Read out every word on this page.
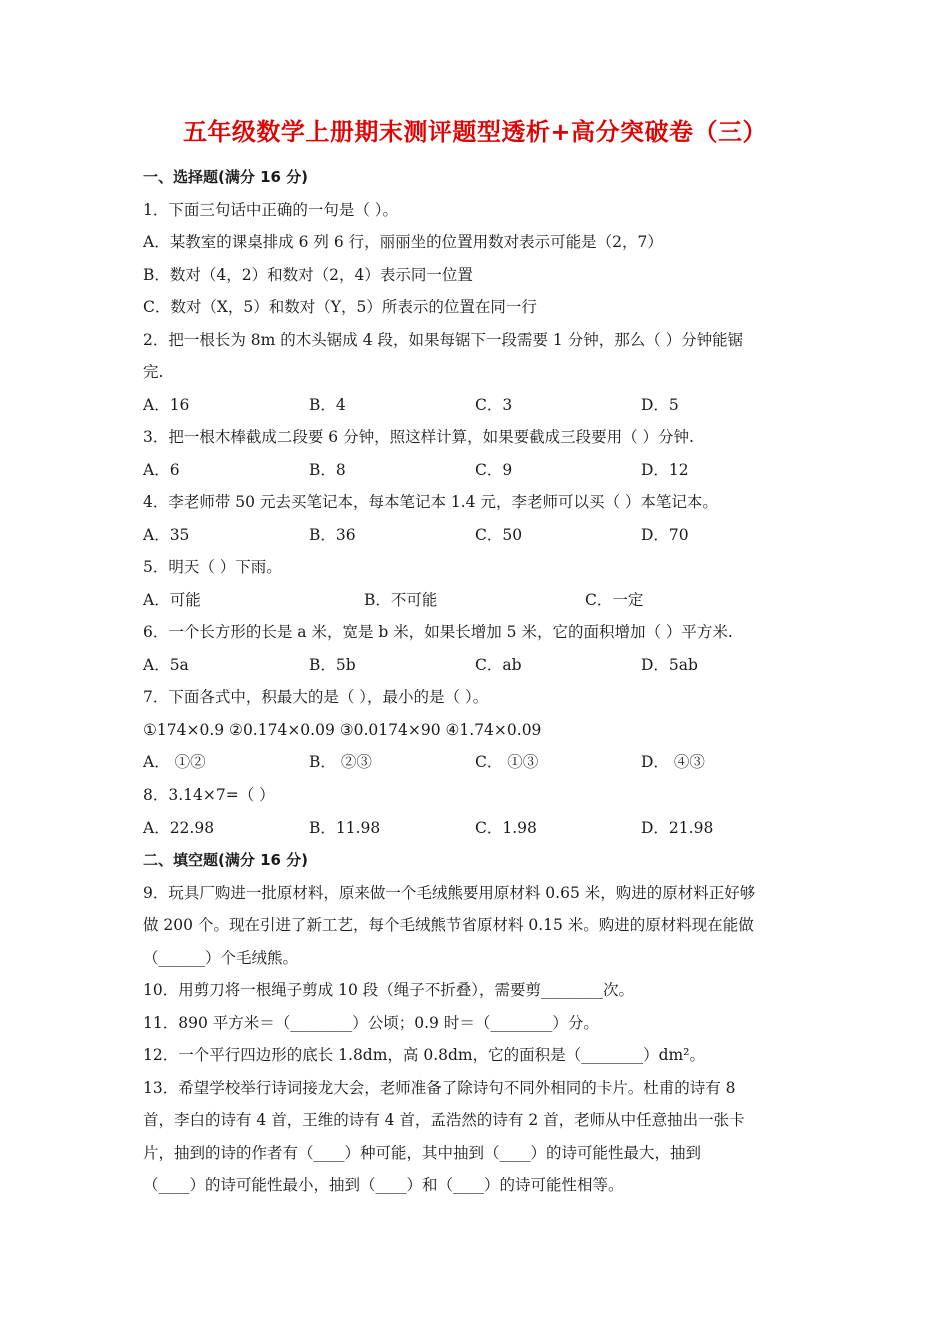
五年级数学上册期末测评题型透析+高分突破卷（三）
一、选择题(满分 16 分)
1．下面三句话中正确的一句是（ ）。
A．某教室的课桌排成 6 列 6 行，丽丽坐的位置用数对表示可能是（2，7）
B．数对（4，2）和数对（2，4）表示同一位置
C．数对（X，5）和数对（Y，5）所表示的位置在同一行
2．把一根长为 8m 的木头锯成 4 段，如果每锯下一段需要 1 分钟，那么（ ）分钟能锯
完.
A．16	B．4	C．3	D．5
3．把一根木棒截成二段要 6 分钟，照这样计算，如果要截成三段要用（ ）分钟.
A．6	B．8	C．9	D．12
4．李老师带 50 元去买笔记本，每本笔记本 1.4 元，李老师可以买（ ）本笔记本。
A．35	B．36	C．50	D．70
5．明天（ ）下雨。
A．可能	B．不可能	C．一定
6．一个长方形的长是 a 米，宽是 b 米，如果长增加 5 米，它的面积增加（ ）平方米.
A．5a	B．5b	C．ab	D．5ab
7．下面各式中，积最大的是（ ），最小的是（ ）。
①174×0.9 ②0.174×0.09 ③0.0174×90 ④1.74×0.09
A． ①②	B． ②③	C． ①③	D． ④③
8．3.14×7=（ ）
A．22.98	B．11.98	C．1.98	D．21.98
二、填空题(满分 16 分)
9．玩具厂购进一批原材料，原来做一个毛绒熊要用原材料 0.65 米，购进的原材料正好够
做 200 个。现在引进了新工艺，每个毛绒熊节省原材料 0.15 米。购进的原材料现在能做
（______）个毛绒熊。
10．用剪刀将一根绳子剪成 10 段（绳子不折叠），需要剪________次。
11．890 平方米＝（________）公顷；0.9 时＝（________）分。
12．一个平行四边形的底长 1.8dm，高 0.8dm，它的面积是（________）dm²。
13．希望学校举行诗词接龙大会，老师准备了除诗句不同外相同的卡片。杜甫的诗有 8
首，李白的诗有 4 首，王维的诗有 4 首，孟浩然的诗有 2 首，老师从中任意抽出一张卡
片，抽到的诗的作者有（____）种可能，其中抽到（____）的诗可能性最大，抽到
（____）的诗可能性最小，抽到（____）和（____）的诗可能性相等。
